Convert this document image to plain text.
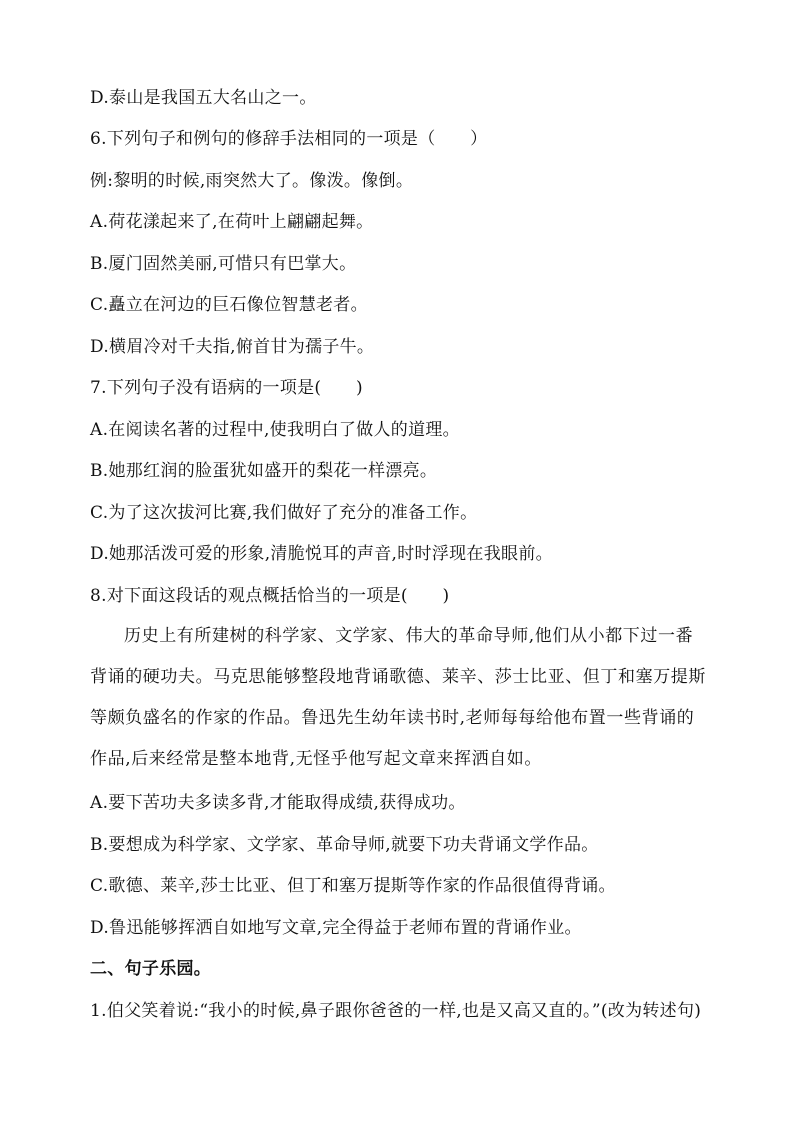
D.泰山是我国五大名山之一。
6.下列句子和例句的修辞手法相同的一项是（　　）
例:黎明的时候,雨突然大了。像泼。像倒。
A.荷花漾起来了,在荷叶上翩翩起舞。
B.厦门固然美丽,可惜只有巴掌大。
C.矗立在河边的巨石像位智慧老者。
D.横眉冷对千夫指,俯首甘为孺子牛。
7.下列句子没有语病的一项是(　　)
A.在阅读名著的过程中,使我明白了做人的道理。
B.她那红润的脸蛋犹如盛开的梨花一样漂亮。
C.为了这次拔河比赛,我们做好了充分的准备工作。
D.她那活泼可爱的形象,清脆悦耳的声音,时时浮现在我眼前。
8.对下面这段话的观点概括恰当的一项是(　　)
历史上有所建树的科学家、文学家、伟大的革命导师,他们从小都下过一番背诵的硬功夫。马克思能够整段地背诵歌德、莱辛、莎士比亚、但丁和塞万提斯等颇负盛名的作家的作品。鲁迅先生幼年读书时,老师每每给他布置一些背诵的作品,后来经常是整本地背,无怪乎他写起文章来挥洒自如。
A.要下苦功夫多读多背,才能取得成绩,获得成功。
B.要想成为科学家、文学家、革命导师,就要下功夫背诵文学作品。
C.歌德、莱辛,莎士比亚、但丁和塞万提斯等作家的作品很值得背诵。
D.鲁迅能够挥洒自如地写文章,完全得益于老师布置的背诵作业。
二、句子乐园。
1.伯父笑着说:“我小的时候,鼻子跟你爸爸的一样,也是又高又直的。”(改为转述句)
